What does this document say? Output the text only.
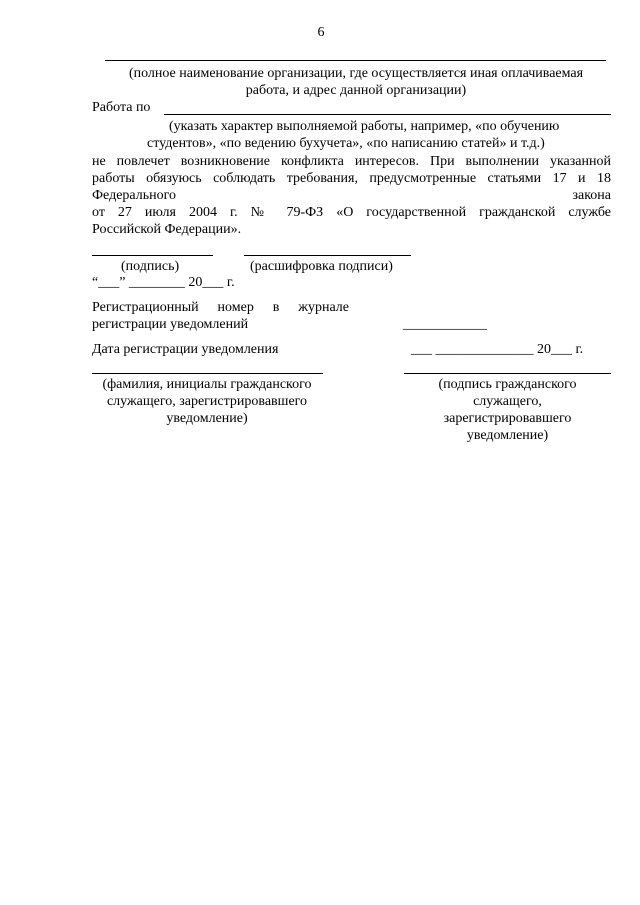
6
(полное наименование организации, где осуществляется иная оплачиваемая
работа, и адрес данной организации)
Работа по
(указать характер выполняемой работы, например, «по обучению
студентов», «по ведению бухучета», «по написанию статей» и т.д.)
не повлечет возникновение конфликта интересов. При выполнении указанной
работы обязуюсь соблюдать требования, предусмотренные статьями 17 и 18
Федерального	закона
от 27 июля 2004 г. № 79-ФЗ «О государственной гражданской службе
Российской Федерации».
(подпись)	(расшифровка подписи)
“___” ________ 20___ г.
Регистрационный номер в журнале
регистрации уведомлений	____________
Дата регистрации уведомления	___ ______________ 20___ г.
(фамилия, инициалы гражданского
служащего, зарегистрировавшего
уведомление)
(подпись гражданского
служащего,
зарегистрировавшего
уведомление)
